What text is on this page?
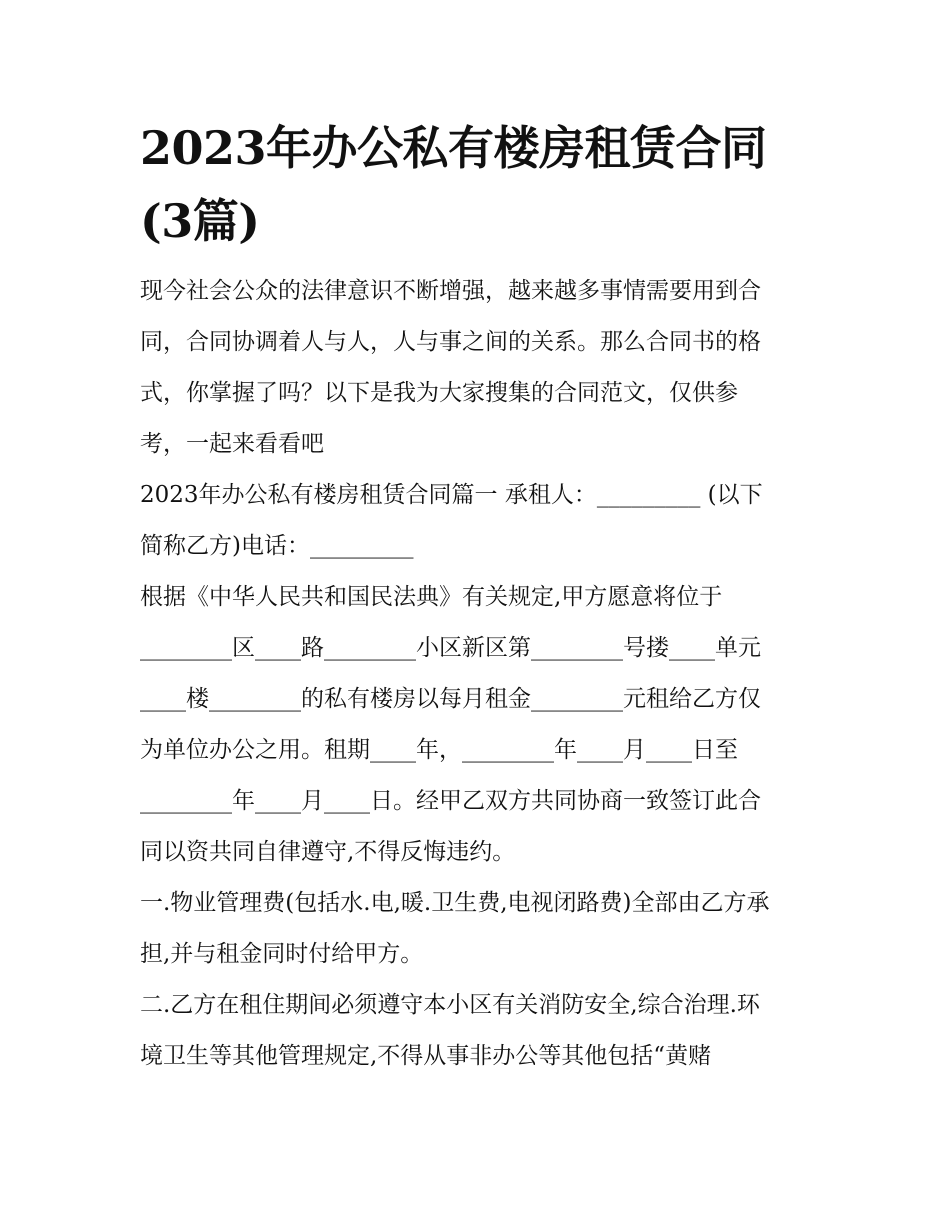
2023年办公私有楼房租赁合同
(3篇)

现今社会公众的法律意识不断增强，越来越多事情需要用到合
同，合同协调着人与人，人与事之间的关系。那么合同书的格
式，你掌握了吗？以下是我为大家搜集的合同范文，仅供参
考，一起来看看吧

2023年办公私有楼房租赁合同篇一 承租人：_________ (以下
简称乙方)电话：_________

根据《中华人民共和国民法典》有关规定,甲方愿意将位于
________区____路________小区新区第________号搂____单元
____楼________的私有楼房以每月租金________元租给乙方仅
为单位办公之用。租期____年，________年____月____日至
________年____月____日。经甲乙双方共同协商一致签订此合
同以资共同自律遵守,不得反悔违约。

一.物业管理费(包括水.电,暖.卫生费,电视闭路费)全部由乙方承
担,并与租金同时付给甲方。

二.乙方在租住期间必须遵守本小区有关消防安全,综合治理.环
境卫生等其他管理规定,不得从事非办公等其他包括“黄赌
